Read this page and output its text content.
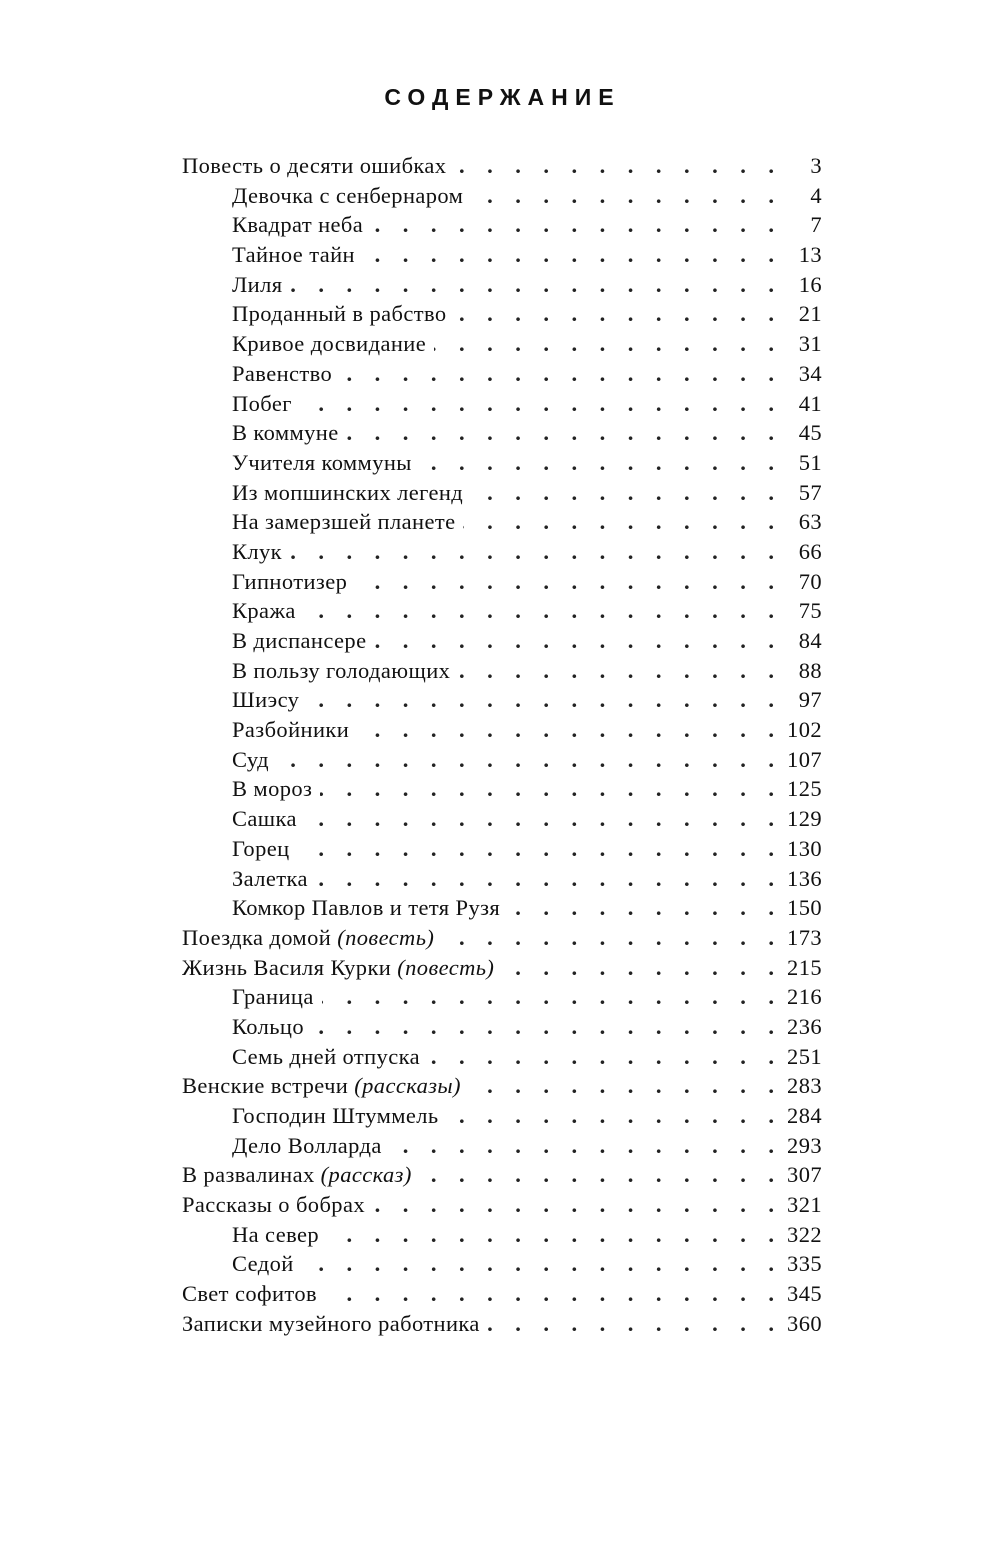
СОДЕРЖАНИЕ
Повесть о десяти ошибках .	3
Девочка с сенбернаром .	4
Квадрат неба .	7
Тайное тайн .	13
Лиля .	16
Проданный в рабство .	21
Кривое досвидание .	31
Равенство .	34
Побег .	41
В коммуне .	45
Учителя коммуны .	51
Из мопшинских легенд .	57
На замерзшей планете .	63
Клук .	66
Гипнотизер .	70
Кража .	75
В диспансере .	84
В пользу голодающих .	88
Шиэсу .	97
Разбойники .	102
Суд .	107
В мороз .	125
Сашка .	129
Горец .	130
Залетка .	136
Комкор Павлов и тетя Рузя .	150
Поездка домой (повесть) .	173
Жизнь Василя Курки (повесть) .	215
Граница .	216
Кольцо .	236
Семь дней отпуска .	251
Венские встречи (рассказы) .	283
Господин Штуммель .	284
Дело Волларда .	293
В развалинах (рассказ) .	307
Рассказы о бобрах .	321
На север .	322
Седой .	335
Свет софитов .	345
Записки музейного работника .	360
